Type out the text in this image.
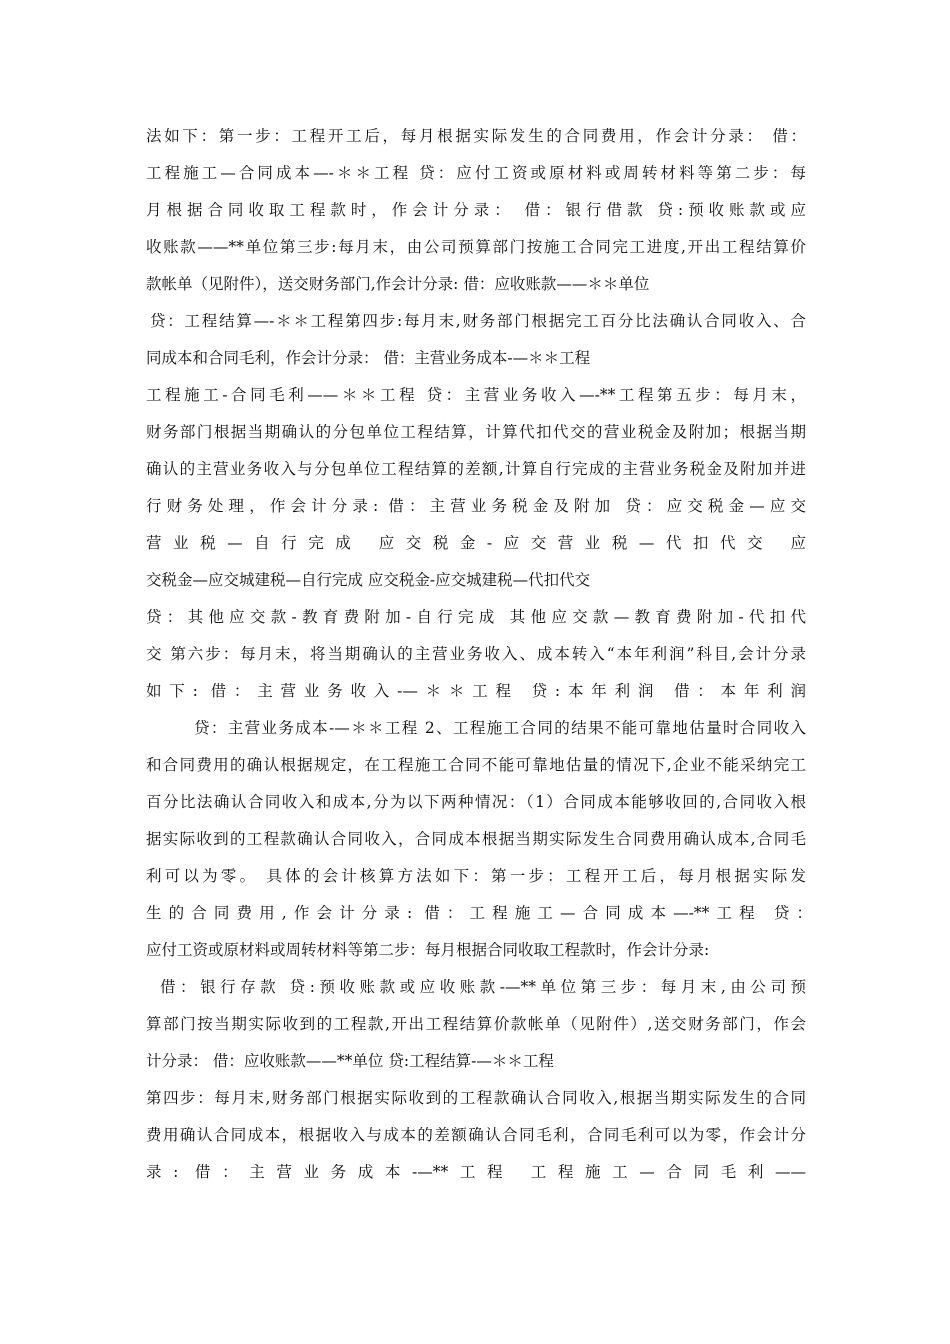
法如下：第一步：工程开工后，每月根据实际发生的合同费用，作会计分录： 借：
工程施工—合同成本—-＊＊工程 贷：应付工资或原材料或周转材料等第二步：每
月根据合同收取工程款时，作会计分录： 借：银行借款 贷:预收账款或应
收账款——**单位第三步:每月末，由公司预算部门按施工合同完工进度,开出工程结算价
款帐单（见附件），送交财务部门,作会计分录: 借：应收账款——＊＊单位
贷：工程结算—-＊＊工程第四步:每月末,财务部门根据完工百分比法确认合同收入、合
同成本和合同毛利，作会计分录： 借：主营业务成本-—＊＊工程
工程施工-合同毛利——＊＊工程 贷：主营业务收入—-**工程第五步：每月末，
财务部门根据当期确认的分包单位工程结算，计算代扣代交的营业税金及附加；根据当期
确认的主营业务收入与分包单位工程结算的差额,计算自行完成的主营业务税金及附加并进
行财务处理，作会计分录: 借：主营业务税金及附加 贷：应交税金—应交
营业税—自行完成 应交税金-应交营业税—代扣代交 应
交税金—应交城建税—自行完成 应交税金-应交城建税—代扣代交
贷：其他应交款-教育费附加-自行完成 其他应交款—教育费附加-代扣代
交 第六步：每月末，将当期确认的主营业务收入、成本转入“本年利润”科目,会计分录
如下: 借：主营业务收入-—＊＊工程 贷:本年利润 借：本年利润
贷：主营业务成本-—＊＊工程 2、工程施工合同的结果不能可靠地估量时合同收入
和合同费用的确认根据规定，在工程施工合同不能可靠地估量的情况下,企业不能采纳完工
百分比法确认合同收入和成本,分为以下两种情况：（1）合同成本能够收回的,合同收入根
据实际收到的工程款确认合同收入，合同成本根据当期实际发生合同费用确认成本,合同毛
利可以为零。 具体的会计核算方法如下：第一步：工程开工后，每月根据实际发
生的合同费用,作会计分录: 借：工程施工—合同成本—-**工程 贷：
应付工资或原材料或周转材料等第二步：每月根据合同收取工程款时，作会计分录:
借：银行存款 贷:预收账款或应收账款-—**单位第三步：每月末,由公司预
算部门按当期实际收到的工程款,开出工程结算价款帐单（见附件）,送交财务部门，作会
计分录： 借：应收账款——**单位 贷:工程结算-—＊＊工程
第四步：每月末,财务部门根据实际收到的工程款确认合同收入,根据当期实际发生的合同
费用确认合同成本，根据收入与成本的差额确认合同毛利，合同毛利可以为零，作会计分
录: 借：主营业务成本-—**工程 工程施工—合同毛利——
